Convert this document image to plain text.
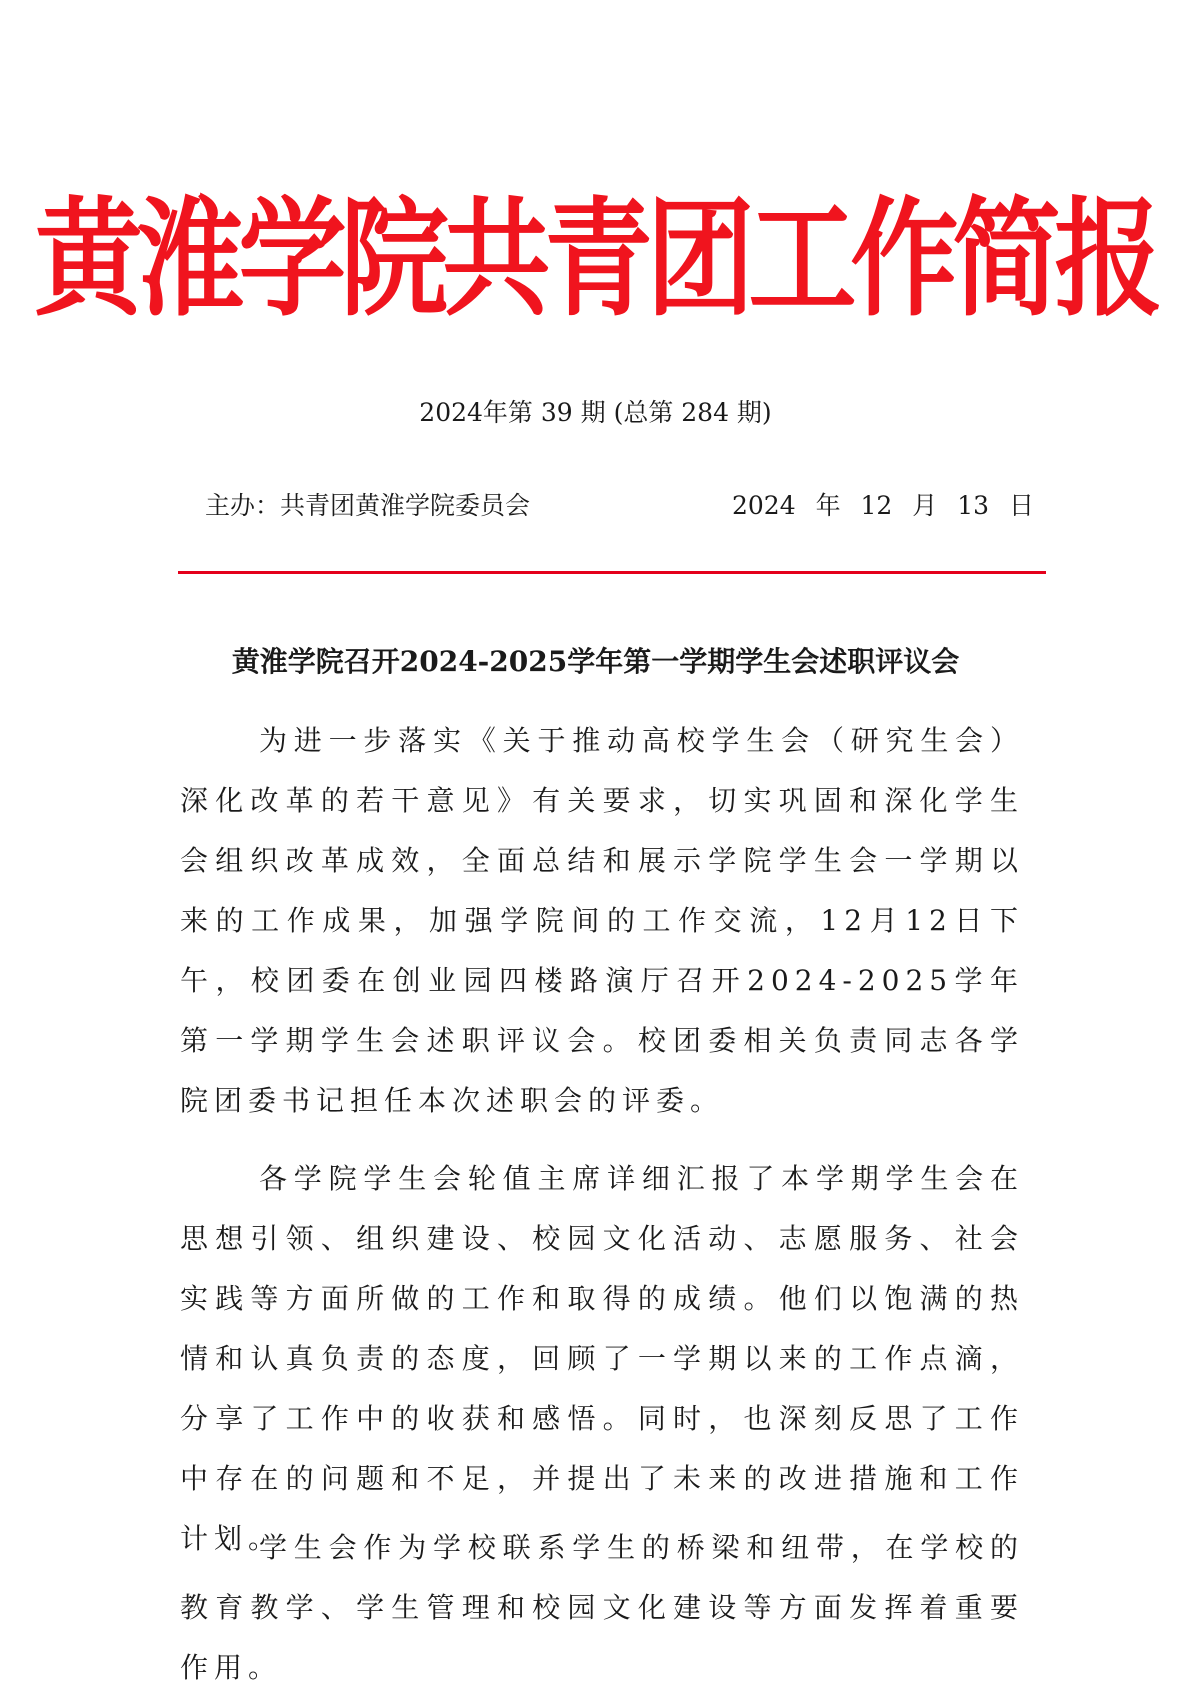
黄淮学院共青团工作简报
2024年第 39 期 (总第 284 期)
主办：共青团黄淮学院委员会	2024 年 12 月 13 日
黄淮学院召开2024-2025学年第一学期学生会述职评议会

为进一步落实《关于推动高校学生会（研究生会）深化改革的若干意见》有关要求，切实巩固和深化学生会组织改革成效，全面总结和展示学院学生会一学期以来的工作成果，加强学院间的工作交流，12月12日下午，校团委在创业园四楼路演厅召开2024-2025学年第一学期学生会述职评议会。校团委相关负责同志各学院团委书记担任本次述职会的评委。

各学院学生会轮值主席详细汇报了本学期学生会在思想引领、组织建设、校园文化活动、志愿服务、社会实践等方面所做的工作和取得的成绩。他们以饱满的热情和认真负责的态度，回顾了一学期以来的工作点滴，分享了工作中的收获和感悟。同时，也深刻反思了工作中存在的问题和不足，并提出了未来的改进措施和工作计划。

学生会作为学校联系学生的桥梁和纽带，在学校的教育教学、学生管理和校园文化建设等方面发挥着重要作用。
